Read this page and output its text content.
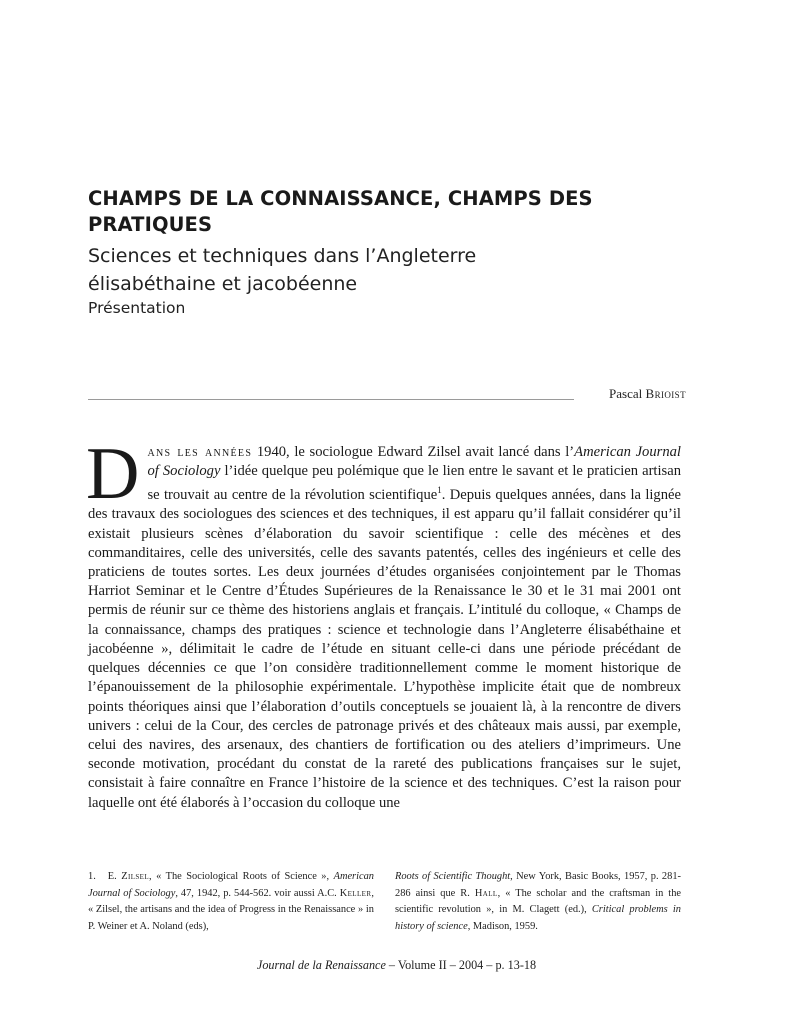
CHAMPS DE LA CONNAISSANCE, CHAMPS DES PRATIQUES
Sciences et techniques dans l’Angleterre
élisabéthaine et jacobéenne
Présentation
Pascal Brioist
Dans les années 1940, le sociologue Edward Zilsel avait lancé dans l’American Journal of Sociology l’idée quelque peu polémique que le lien entre le savant et le praticien artisan se trouvait au centre de la révolution scientifique$^1$. Depuis quelques années, dans la lignée des travaux des sociologues des sciences et des techniques, il est apparu qu’il fallait considérer qu’il existait plusieurs scènes d’élaboration du savoir scientifique : celle des mécènes et des commanditaires, celle des universités, celle des savants patentés, celles des ingénieurs et celle des praticiens de toutes sortes. Les deux journées d’études organisées conjointement par le Thomas Harriot Seminar et le Centre d’Études Supérieures de la Renaissance le 30 et le 31 mai 2001 ont permis de réunir sur ce thème des historiens anglais et français. L’intitulé du colloque, « Champs de la connaissance, champs des pratiques : science et technologie dans l’Angleterre élisabéthaine et jacobéenne », délimitait le cadre de l’étude en situant celle-ci dans une période précédant de quelques décennies ce que l’on considère traditionnellement comme le moment historique de l’épanouissement de la philosophie expérimentale. L’hypothèse implicite était que de nombreux points théoriques ainsi que l’élaboration d’outils conceptuels se jouaient là, à la rencontre de divers univers : celui de la Cour, des cercles de patronage privés et des châteaux mais aussi, par exemple, celui des navires, des arsenaux, des chantiers de fortification ou des ateliers d’imprimeurs. Une seconde motivation, procédant du constat de la rareté des publications françaises sur le sujet, consistait à faire connaître en France l’histoire de la science et des techniques. C’est la raison pour laquelle ont été élaborés à l’occasion du colloque une
1. E. Zilsel, « The Sociological Roots of Science », American Journal of Sociology, 47, 1942, p. 544-562. voir aussi A.C. Keller, « Zilsel, the artisans and the idea of Progress in the Renaissance » in P. Weiner et A. Noland (eds),
Roots of Scientific Thought, New York, Basic Books, 1957, p. 281-286 ainsi que R. Hall, « The scholar and the craftsman in the scientific revolution », in M. Clagett (ed.), Critical problems in history of science, Madison, 1959.
Journal de la Renaissance – Volume II – 2004 – p. 13-18
